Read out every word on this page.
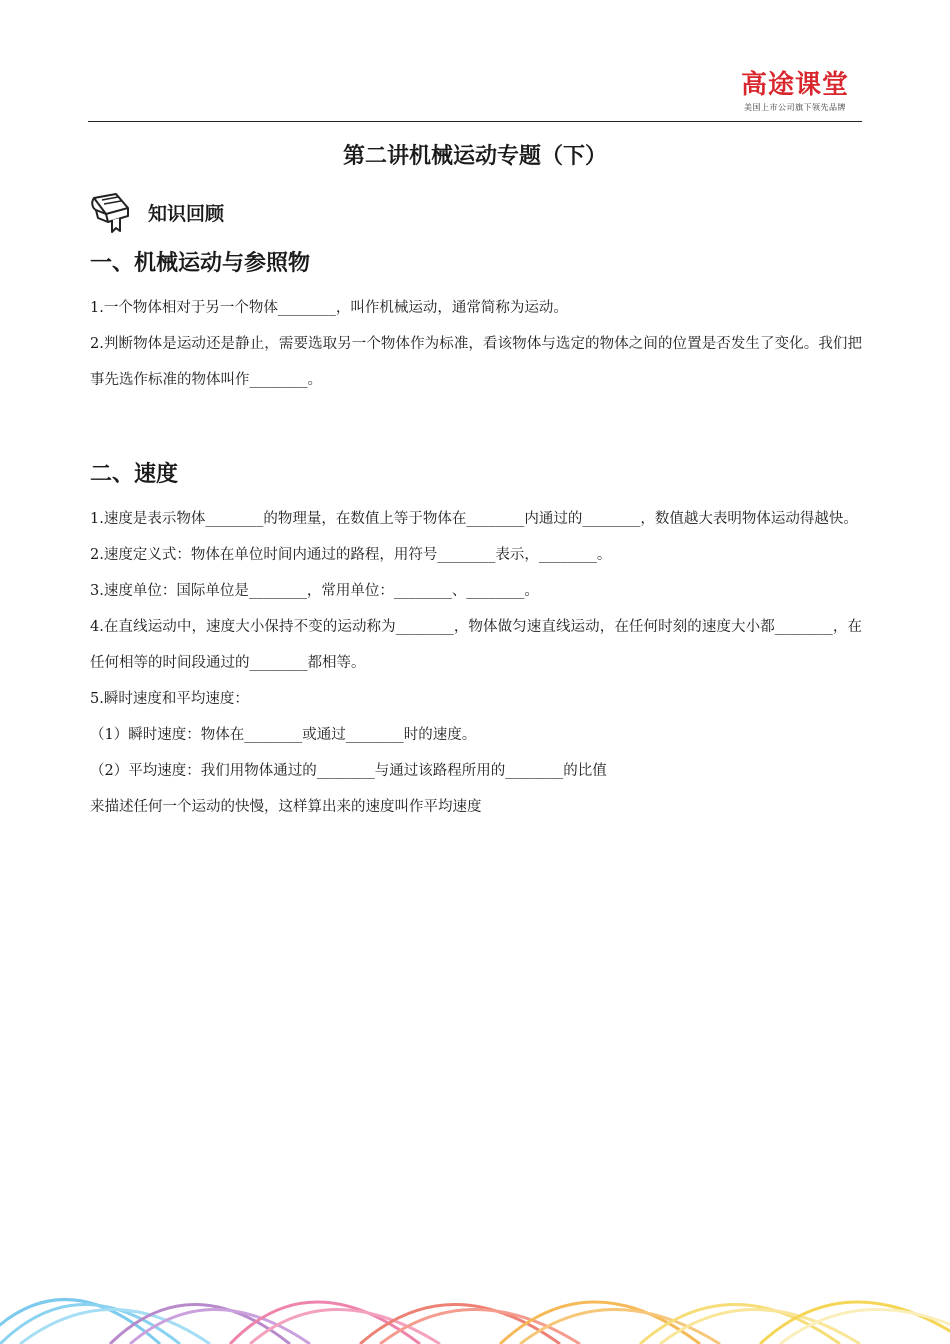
高途课堂
美国上市公司旗下领先品牌
第二讲机械运动专题（下）
知识回顾
一、机械运动与参照物

1.一个物体相对于另一个物体________，叫作机械运动，通常简称为运动。

2.判断物体是运动还是静止，需要选取另一个物体作为标准，看该物体与选定的物体之间的位置是否发生了变化。我们把事先选作标准的物体叫作________。

二、速度

1.速度是表示物体________的物理量，在数值上等于物体在________内通过的________，数值越大表明物体运动得越快。

2.速度定义式：物体在单位时间内通过的路程，用符号________表示，________。

3.速度单位：国际单位是________，常用单位：________、________。

4.在直线运动中，速度大小保持不变的运动称为________，物体做匀速直线运动，在任何时刻的速度大小都________，在任何相等的时间段通过的________都相等。

5.瞬时速度和平均速度：

（1）瞬时速度：物体在________或通过________时的速度。

（2）平均速度：我们用物体通过的________与通过该路程所用的________的比值

来描述任何一个运动的快慢，这样算出来的速度叫作平均速度
